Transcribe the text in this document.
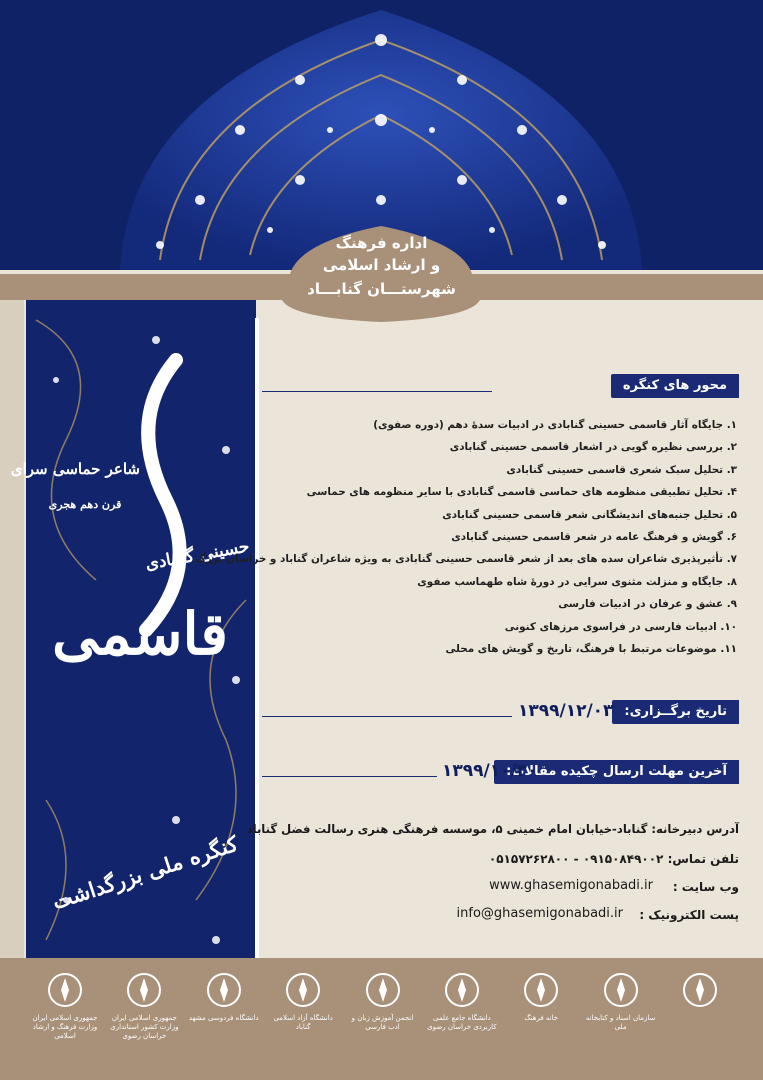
اداره فرهنگ
و ارشاد اسلامی
شهرستـــان گنابـــاد
شاعر حماسی سرای
قرن دهم هجری
حسینی گنابادی
قاسمی
کنگره ملی بزرگداشت
محور های کنگره
۱. جایگاه آثار قاسمی حسینی گنابادی در ادبیات سدۀ دهم (دوره صفوی)
۲. بررسی نظیره گویی در اشعار قاسمی حسینی گنابادی
۳. تحلیل سبک شعری قاسمی حسینی گنابادی
۴. تحلیل تطبیقی منظومه های حماسی قاسمی گنابادی با سایر منظومه های حماسی
۵. تحلیل جنبه‌های اندیشگانی شعر قاسمی حسینی گنابادی
۶. گویش و فرهنگ عامه در شعر قاسمی حسینی گنابادی
۷. تأثیرپذیری شاعران سده های بعد از شعر قاسمی حسینی گنابادی به ویژه شاعران گناباد و خراسان بزرگ
۸. جایگاه و منزلت مثنوی سرایی در دورۀ شاه طهماسب صفوی
۹. عشق و عرفان در ادبیات فارسی
۱۰. ادبیات فارسی در فراسوی مرزهای کنونی
۱۱. موضوعات مرتبط با فرهنگ، تاریخ و گویش های محلی
تاریخ برگــزاری:
۱۳۹۹/۱۲/۰۳
آخرین مهلت ارسال چکیده مقالات:
۱۳۹۹/۱۰/۳۰
آدرس دبیرخانه: گناباد-خیابان امام خمینی ۵، موسسه فرهنگی هنری رسالت فضل گناباد
تلفن تماس: ۰۹۱۵۰۸۴۹۰۰۲ - ۰۵۱۵۷۲۶۲۸۰۰
وب سایت :
www.ghasemigonabadi.ir
پست الکترونیک :
info@ghasemigonabadi.ir
جمهوری اسلامی ایران وزارت فرهنگ و ارشاد اسلامی
جمهوری اسلامی ایران وزارت کشور استانداری خراسان رضوی
دانشگاه فردوسی مشهد	دانشگاه آزاد اسلامی گناباد
انجمن آموزش زبان و ادب فارسی
دانشگاه جامع علمی کاربردی خراسان رضوی
خانه فرهنگ	سازمان اسناد و کتابخانه ملی
